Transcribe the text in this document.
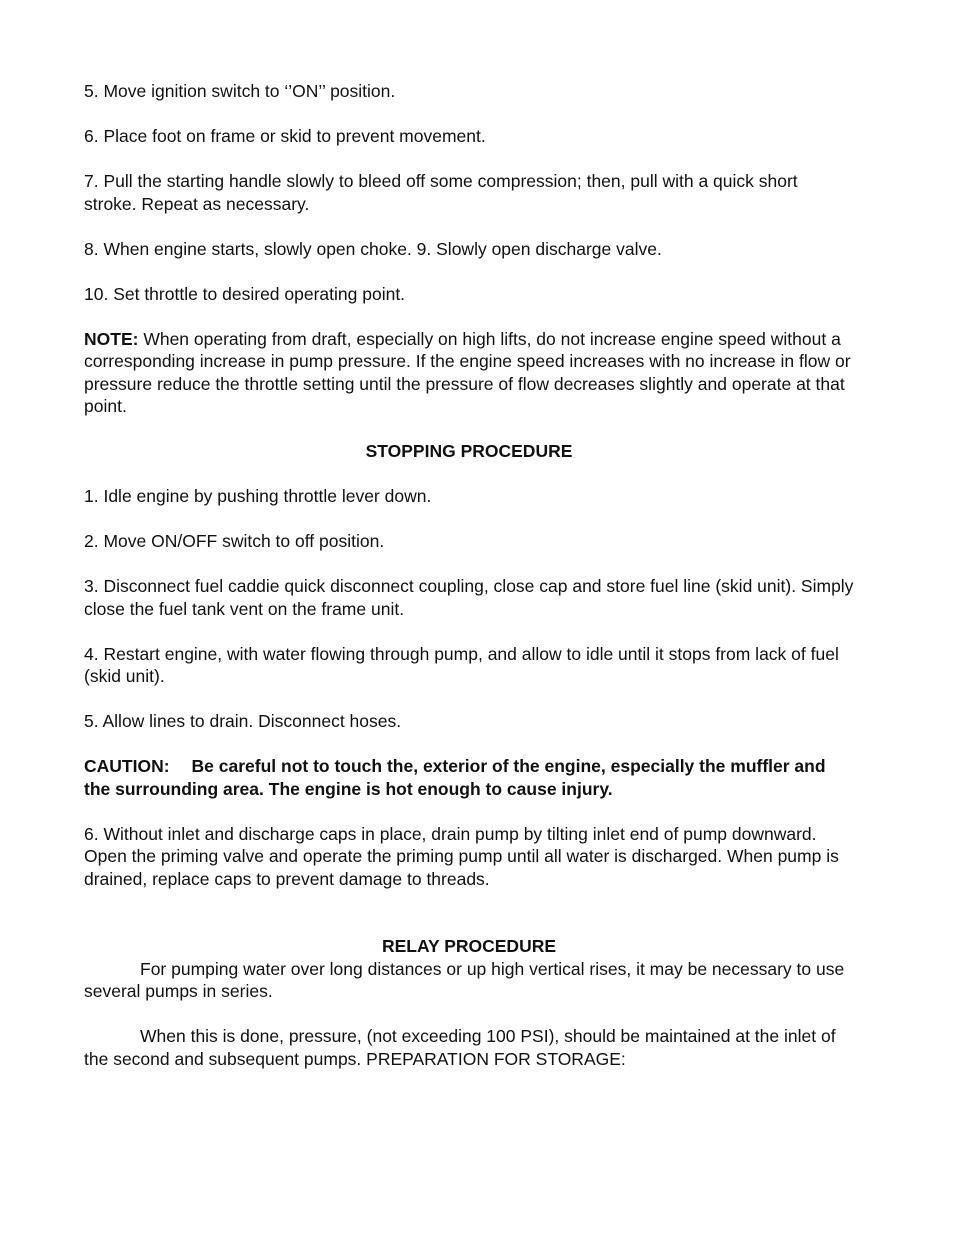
5. Move ignition switch to ‘’ON’’ position.

6. Place foot on frame or skid to prevent movement.

7. Pull the starting handle slowly to bleed off some compression; then, pull with a quick short stroke. Repeat as necessary.

8. When engine starts, slowly open choke. 9. Slowly open discharge valve.

10. Set throttle to desired operating point.

NOTE: When operating from draft, especially on high lifts, do not increase engine speed without a corresponding increase in pump pressure. If the engine speed increases with no increase in flow or pressure reduce the throttle setting until the pressure of flow decreases slightly and operate at that point.

STOPPING PROCEDURE

1. Idle engine by pushing throttle lever down.

2. Move ON/OFF switch to off position.

3. Disconnect fuel caddie quick disconnect coupling, close cap and store fuel line (skid unit). Simply close the fuel tank vent on the frame unit.

4. Restart engine, with water flowing through pump, and allow to idle until it stops from lack of fuel (skid unit).

5. Allow lines to drain. Disconnect hoses.

CAUTION: Be careful not to touch the, exterior of the engine, especially the muffler and the surrounding area. The engine is hot enough to cause injury.

6. Without inlet and discharge caps in place, drain pump by tilting inlet end of pump downward. Open the priming valve and operate the priming pump until all water is discharged. When pump is drained, replace caps to prevent damage to threads.

RELAY PROCEDURE

For pumping water over long distances or up high vertical rises, it may be necessary to use several pumps in series.

When this is done, pressure, (not exceeding 100 PSI), should be maintained at the inlet of the second and subsequent pumps. PREPARATION FOR STORAGE:
